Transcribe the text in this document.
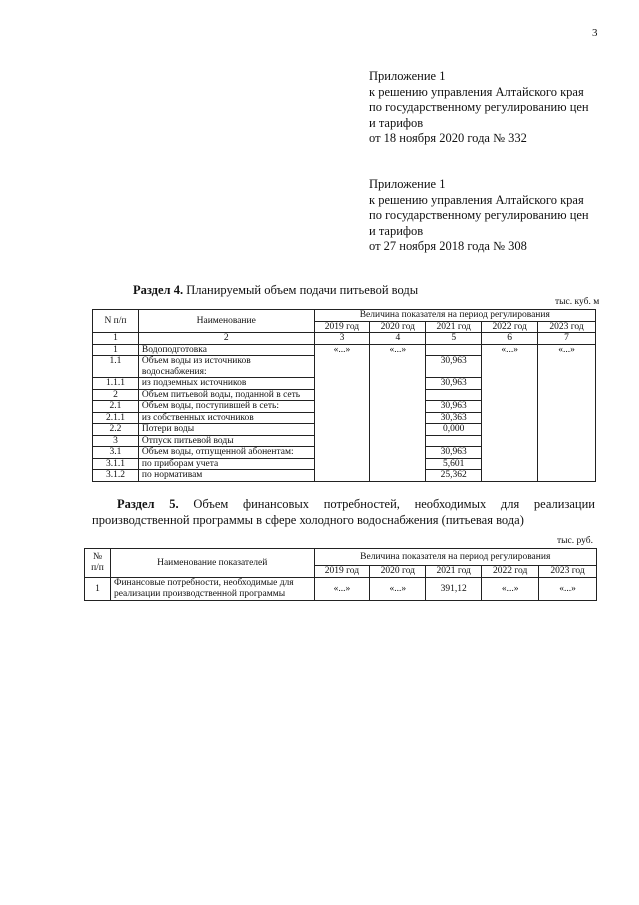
3
Приложение 1
к решению управления Алтайского края
по государственному регулированию цен
и тарифов
от 18 ноября 2020 года № 332
Приложение 1
к решению управления Алтайского края
по государственному регулированию цен
и тарифов
от 27 ноября 2018 года № 308
Раздел 4. Планируемый объем подачи питьевой воды
тыс. куб. м
N п/п	Наименование	Величина показателя на период регулирования				
		2019 год	2020 год	2021 год	2022 год	2023 год
1	2	3	4	5	6	7
1	Водоподготовка	«...»	«...»		«...»	«...»
1.1	Объем воды из источников
водоснабжения:			30,963		
1.1.1	из подземных источников			30,963		
2	Объем питьевой воды, поданной в сеть					
2.1	Объем воды, поступившей в сеть:			30,963		
2.1.1	из собственных источников			30,363		
2.2	Потери воды			0,000		
3	Отпуск питьевой воды					
3.1	Объем воды, отпущенной абонентам:			30,963		
3.1.1	по приборам учета			5,601		
3.1.2	по нормативам			25,362		
Раздел 5. Объем финансовых потребностей, необходимых для реализации
производственной программы в сфере холодного водоснабжения (питьевая вода)
тыс. руб.
№
п/п	Наименование показателей	Величина показателя на период регулирования				
		2019 год	2020 год	2021 год	2022 год	2023 год
1	Финансовые потребности, необходимые для
реализации производственной программы	«...»	«...»	391,12	«...»	«...»
